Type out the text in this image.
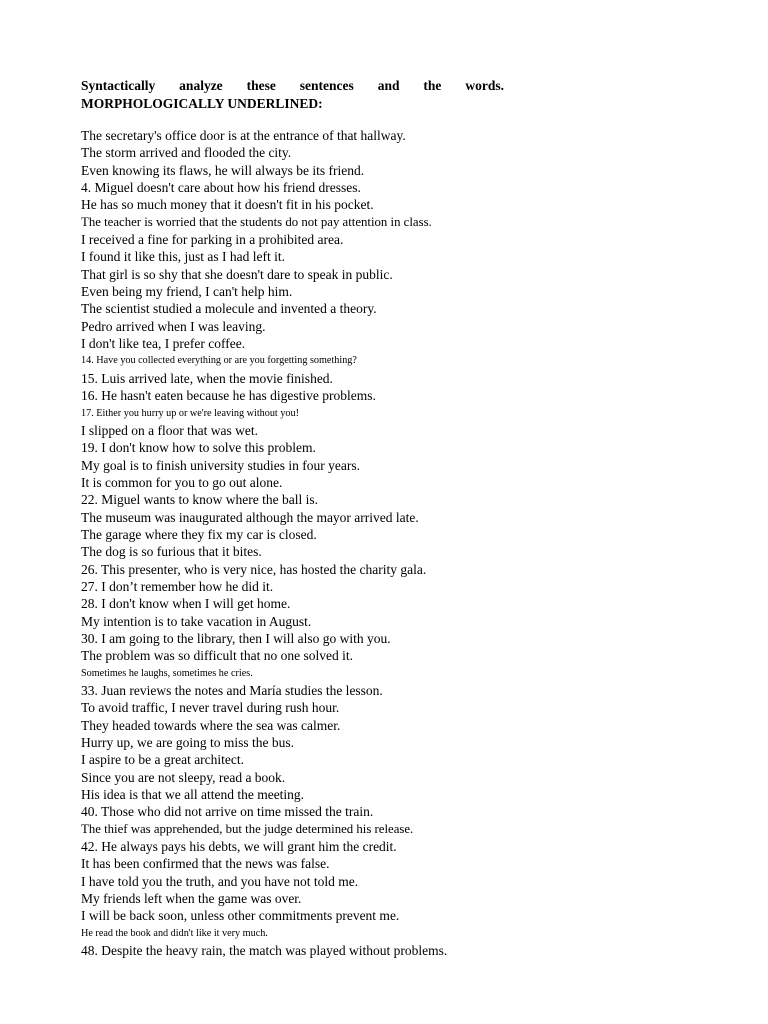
Syntactically analyze these sentences and the words.
MORPHOLOGICALLY UNDERLINED:
The secretary's office door is at the entrance of that hallway.
The storm arrived and flooded the city.
Even knowing its flaws, he will always be its friend.
4. Miguel doesn't care about how his friend dresses.
He has so much money that it doesn't fit in his pocket.
The teacher is worried that the students do not pay attention in class.
I received a fine for parking in a prohibited area.
I found it like this, just as I had left it.
That girl is so shy that she doesn't dare to speak in public.
Even being my friend, I can't help him.
The scientist studied a molecule and invented a theory.
Pedro arrived when I was leaving.
I don't like tea, I prefer coffee.
14. Have you collected everything or are you forgetting something?
15. Luis arrived late, when the movie finished.
16. He hasn't eaten because he has digestive problems.
17. Either you hurry up or we're leaving without you!
I slipped on a floor that was wet.
19. I don't know how to solve this problem.
My goal is to finish university studies in four years.
It is common for you to go out alone.
22. Miguel wants to know where the ball is.
The museum was inaugurated although the mayor arrived late.
The garage where they fix my car is closed.
The dog is so furious that it bites.
26. This presenter, who is very nice, has hosted the charity gala.
27. I don’t remember how he did it.
28. I don't know when I will get home.
My intention is to take vacation in August.
30. I am going to the library, then I will also go with you.
The problem was so difficult that no one solved it.
Sometimes he laughs, sometimes he cries.
33. Juan reviews the notes and María studies the lesson.
To avoid traffic, I never travel during rush hour.
They headed towards where the sea was calmer.
Hurry up, we are going to miss the bus.
I aspire to be a great architect.
Since you are not sleepy, read a book.
His idea is that we all attend the meeting.
40. Those who did not arrive on time missed the train.
The thief was apprehended, but the judge determined his release.
42. He always pays his debts, we will grant him the credit.
It has been confirmed that the news was false.
I have told you the truth, and you have not told me.
My friends left when the game was over.
I will be back soon, unless other commitments prevent me.
He read the book and didn't like it very much.
48. Despite the heavy rain, the match was played without problems.
